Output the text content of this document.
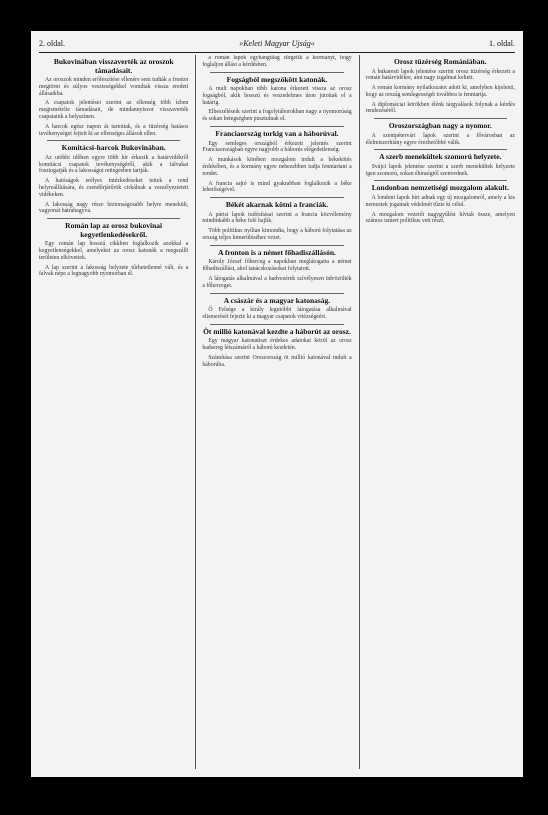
2. oldal.	»Keleti Magyar Ujság«	1. oldal.
Bukovinában visszaverték az oroszok támadásait.

Az oroszok minden erőfeszítése ellenére sem tudták a frontot megtörni és súlyos veszteségekkel vonultak vissza eredeti állásaikba.

A csapatok jelentései szerint az ellenség több ízben megismételte támadásait, de mindannyiszor visszaverték csapataink a helyszínen.

A harcok egész napon át tartottak, és a tüzérség hatásos tevékenységet fejtett ki az ellenséges állások ellen.

Komitácsi-harcok Bukovinában.

Az utóbbi időben egyre több hír érkezik a határvidékről komitácsi csapatok tevékenységéről, akik a falvakat fosztogatják és a lakosságot rettegésben tartják.

A hatóságok erélyes intézkedéseket tettek a rend helyreállítására, és csendőrjárőrök cirkálnak a veszélyeztetett vidékeken.

A lakosság nagy része biztonságosabb helyre menekült, vagyonát hátrahagyva.

Román lap az orosz bukovinai kegyetlenkedésekről.

Egy román lap hosszú cikkben foglalkozik azokkal a kegyetlenségekkel, amelyeket az orosz katonák a megszállt területen elkövettek.

A lap szerint a lakosság helyzete tűrhetetlenné vált, és a falvak népe a legnagyobb nyomorban él.

a román lapok egyhangúlag sürgetik a kormányt, hogy foglaljon állást a kérdésben.

Fogságból megszökött katonák.

A mult napokban több katona érkezett vissza az orosz fogságból, akik hosszú és veszedelmes úton jutottak el a határig.

Elbeszéléseik szerint a fogolytáborokban nagy a nyomorúság és sokan betegségben pusztulnak el.

Franciaország torkig van a háborúval.

Egy semleges országból érkezett jelentés szerint Franciaországban egyre nagyobb a háborús elégedetlenség.

A munkások körében mozgalom indult a békekötés érdekében, és a kormány egyre nehezebben tudja fenntartani a rendet.

A francia sajtó is mind gyakrabban foglalkozik a béke lehetőségével.

Békét akarnak kötni a franciák.

A párisi lapok tudósításai szerint a francia közvélemény mindinkább a béke felé hajlik.

Több politikus nyíltan kimondta, hogy a háború folytatása az ország teljes kimerüléséhez vezet.

A fronton is a német főhadiszállásón.

Károly József főherceg a napokban meglátogatta a német főhadiszállást, ahol tanácskozásokat folytatott.

A látogatás alkalmával a hadvezérek szívélyesen üdvözölték a főherceget.

A császár és a magyar katonaság.

Ő Felsége a király legutóbbi látogatása alkalmával elismerését fejezte ki a magyar csapatok vitézségéért.

Öt millió katonával kezdte a háborút az orosz.

Egy magyar katonatiszt érdekes adatokat közöl az orosz hadsereg létszámáról a háború kezdetén.

Számítása szerint Oroszország öt millió katonával indult a háborúba.

Orosz tüzérség Romániában.

A bukaresti lapok jelentése szerint orosz tüzérség érkezett a román határvidékre, ami nagy izgalmat keltett.

A román kormány nyilatkozatot adott ki, amelyben kijelenti, hogy az ország semlegességét továbbra is fenntartja.

A diplomáciai körökben élénk tárgyalások folynak a kérdés rendezéséről.

Oroszországban nagy a nyomor.

A szentpétervári lapok szerint a fővárosban az élelmiszerhiány egyre érezhetőbbé válik.

A szerb menekültek szomorú helyzete.

Svájci lapok jelentése szerint a szerb menekültek helyzete igen szomorú, sokan éhínségtől szenvednek.

Londonban nemzetiségi mozgalom alakult.

A londoni lapok hírt adnak egy új mozgalomról, amely a kis nemzetek jogainak védelmét tűzte ki célul.

A mozgalom vezetői nagygyűlést hívtak össze, amelyen számos ismert politikus vett részt.
